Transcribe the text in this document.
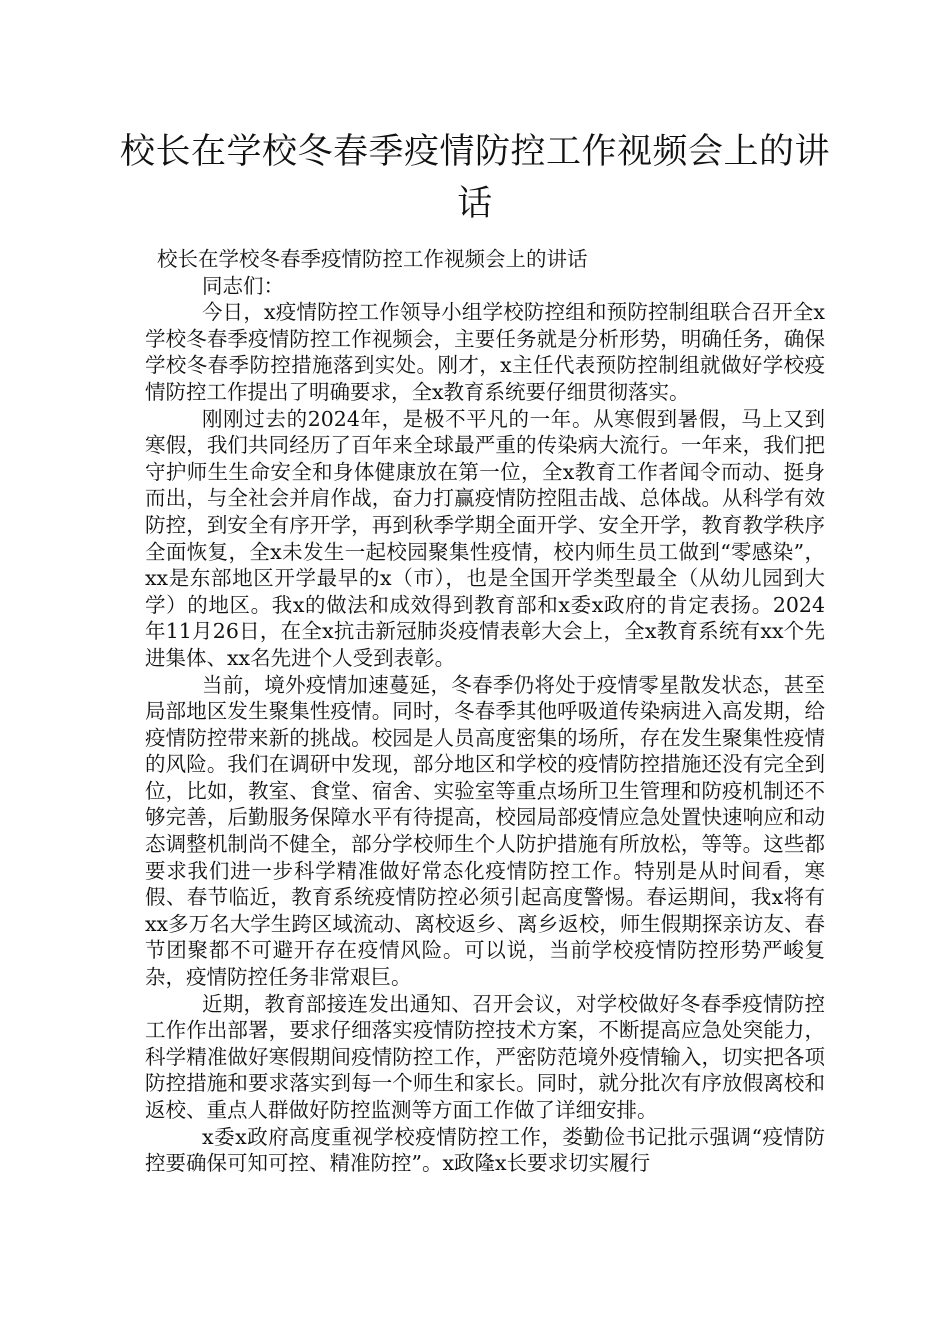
校长在学校冬春季疫情防控工作视频会上的讲话

校长在学校冬春季疫情防控工作视频会上的讲话

同志们：

今日，x疫情防控工作领导小组学校防控组和预防控制组联合召开全x学校冬春季疫情防控工作视频会，主要任务就是分析形势，明确任务，确保学校冬春季防控措施落到实处。刚才，x主任代表预防控制组就做好学校疫情防控工作提出了明确要求，全x教育系统要仔细贯彻落实。

刚刚过去的2024年，是极不平凡的一年。从寒假到暑假，马上又到寒假，我们共同经历了百年来全球最严重的传染病大流行。一年来，我们把守护师生生命安全和身体健康放在第一位，全x教育工作者闻令而动、挺身而出，与全社会并肩作战，奋力打赢疫情防控阻击战、总体战。从科学有效防控，到安全有序开学，再到秋季学期全面开学、安全开学，教育教学秩序全面恢复，全x未发生一起校园聚集性疫情，校内师生员工做到“零感染”，xx是东部地区开学最早的x（市），也是全国开学类型最全（从幼儿园到大学）的地区。我x的做法和成效得到教育部和x委x政府的肯定表扬。2024年11月26日，在全x抗击新冠肺炎疫情表彰大会上，全x教育系统有xx个先进集体、xx名先进个人受到表彰。

当前，境外疫情加速蔓延，冬春季仍将处于疫情零星散发状态，甚至局部地区发生聚集性疫情。同时，冬春季其他呼吸道传染病进入高发期，给疫情防控带来新的挑战。校园是人员高度密集的场所，存在发生聚集性疫情的风险。我们在调研中发现，部分地区和学校的疫情防控措施还没有完全到位，比如，教室、食堂、宿舍、实验室等重点场所卫生管理和防疫机制还不够完善，后勤服务保障水平有待提高，校园局部疫情应急处置快速响应和动态调整机制尚不健全，部分学校师生个人防护措施有所放松，等等。这些都要求我们进一步科学精准做好常态化疫情防控工作。特别是从时间看，寒假、春节临近，教育系统疫情防控必须引起高度警惕。春运期间，我x将有xx多万名大学生跨区域流动、离校返乡、离乡返校，师生假期探亲访友、春节团聚都不可避开存在疫情风险。可以说，当前学校疫情防控形势严峻复杂，疫情防控任务非常艰巨。

近期，教育部接连发出通知、召开会议，对学校做好冬春季疫情防控工作作出部署，要求仔细落实疫情防控技术方案，不断提高应急处突能力，科学精准做好寒假期间疫情防控工作，严密防范境外疫情输入，切实把各项防控措施和要求落实到每一个师生和家长。同时，就分批次有序放假离校和返校、重点人群做好防控监测等方面工作做了详细安排。

x委x政府高度重视学校疫情防控工作，娄勤俭书记批示强调“疫情防控要确保可知可控、精准防控”。x政隆x长要求切实履行
